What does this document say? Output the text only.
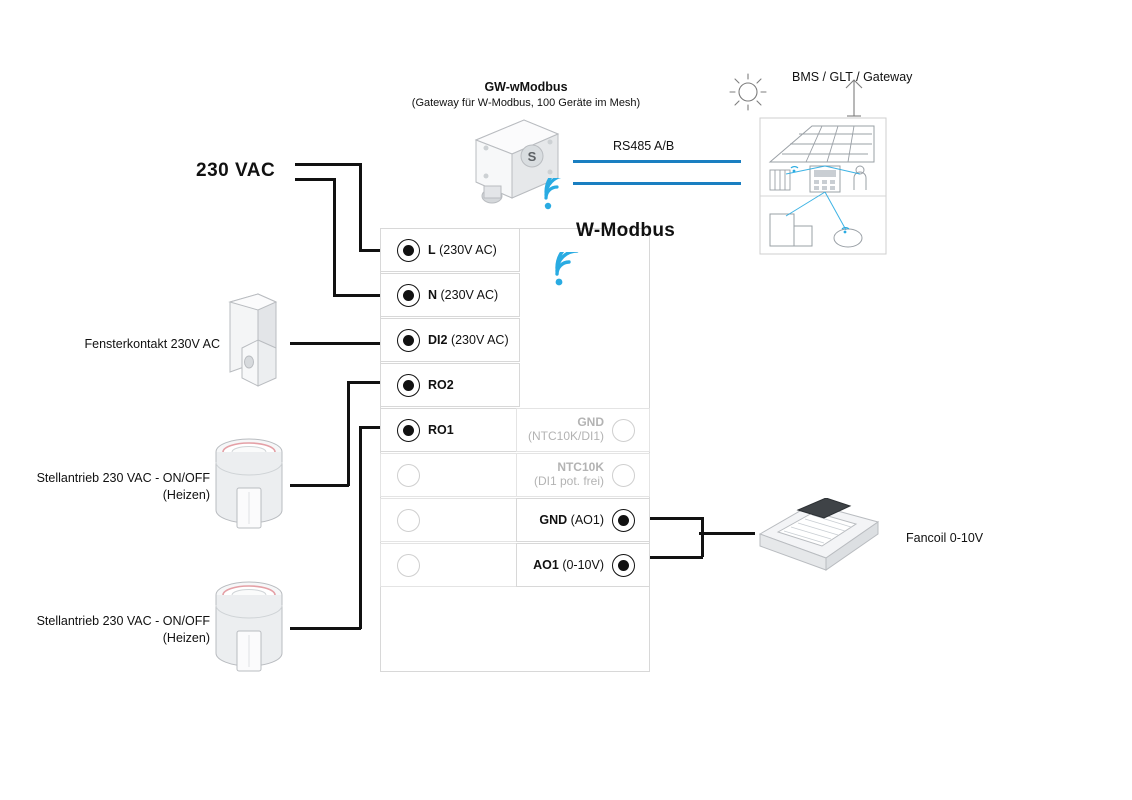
230 VAC
L (230V AC)
N (230V AC)
DI2 (230V AC)
RO2
RO1
GND
(NTC10K/DI1)
NTC10K
(DI1 pot. frei)
GND (AO1)
AO1 (0-10V)
GW-wModbus
(Gateway für W-Modbus, 100 Geräte im Mesh)
S
W-Modbus
RS485 A/B
BMS / GLT / Gateway
Fensterkontakt 230V AC
Stellantrieb 230 VAC - ON/OFF
(Heizen)
Stellantrieb 230 VAC - ON/OFF
(Heizen)
Fancoil 0-10V
